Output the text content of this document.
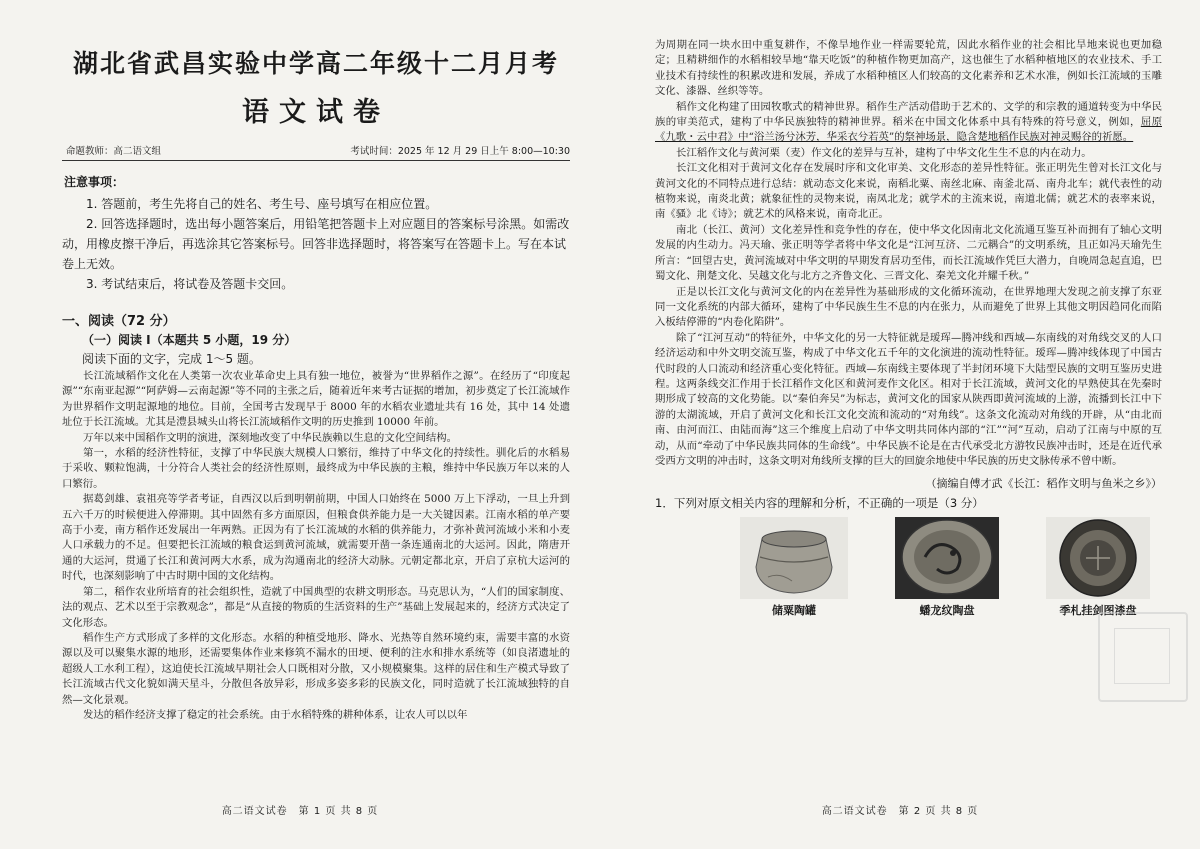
湖北省武昌实验中学高二年级十二月月考
语文试卷
命题教师：高二语文组	考试时间：2025 年 12 月 29 日上午 8:00—10:30
注意事项：

1. 答题前，考生先将自己的姓名、考生号、座号填写在相应位置。

2. 回答选择题时，选出每小题答案后，用铅笔把答题卡上对应题目的答案标号涂黑。如需改动，用橡皮擦干净后，再选涂其它答案标号。回答非选择题时，将答案写在答题卡上。写在本试卷上无效。

3. 考试结束后，将试卷及答题卡交回。

一、阅读（72 分）
（一）阅读 I（本题共 5 小题，19 分）
阅读下面的文字，完成 1～5 题。

长江流域稻作文化在人类第一次农业革命史上具有独一地位，被誉为“世界稻作之源”。在经历了“印度起源”“东南亚起源”“阿萨姆—云南起源”等不同的主张之后，随着近年来考古证据的增加，初步奠定了长江流域作为世界稻作文明起源地的地位。目前，全国考古发现早于 8000 年的水稻农业遗址共有 16 处，其中 14 处遗址位于长江流域。尤其是澧县城头山将长江流域稻作文明的历史推到 10000 年前。

万年以来中国稻作文明的演进，深刻地改变了中华民族赖以生息的文化空间结构。

第一，水稻的经济性特征，支撑了中华民族大规模人口繁衍，维持了中华文化的持续性。驯化后的水稻易于采收、颗粒饱满，十分符合人类社会的经济性原则，最终成为中华民族的主粮，维持中华民族万年以来的人口繁衍。

据葛剑雄、袁祖亮等学者考证，自西汉以后到明朝前期，中国人口始终在 5000 万上下浮动，一旦上升到五六千万的时候便进入停滞期。其中固然有多方面原因，但粮食供养能力是一大关键因素。江南水稻的单产要高于小麦，南方稻作还发展出一年两熟。正因为有了长江流域的水稻的供养能力，才弥补黄河流域小米和小麦人口承载力的不足。但要把长江流域的粮食运到黄河流域，就需要开凿一条连通南北的大运河。因此，隋唐开通的大运河，贯通了长江和黄河两大水系，成为沟通南北的经济大动脉。元朝定都北京，开启了京杭大运河的时代，也深刻影响了中古时期中国的文化结构。

第二，稻作农业所培育的社会组织性，造就了中国典型的农耕文明形态。马克思认为，“人们的国家制度、法的观点、艺术以至于宗教观念”，都是“从直接的物质的生活资料的生产”基础上发展起来的，经济方式决定了文化形态。

稻作生产方式形成了多样的文化形态。水稻的种植受地形、降水、光热等自然环境约束，需要丰富的水资源以及可以聚集水源的地形，还需要集体作业来修筑不漏水的田埂、便利的注水和排水系统等（如良渚遗址的超级人工水利工程），这迫使长江流域早期社会人口既相对分散，又小规模聚集。这样的居住和生产模式导致了长江流域古代文化貌如满天星斗，分散但各放异彩，形成多姿多彩的民族文化，同时造就了长江流域独特的自然—文化景观。

发达的稻作经济支撑了稳定的社会系统。由于水稻特殊的耕种体系，让农人可以以年

高二语文试卷　第 1 页 共 8 页

为周期在同一块水田中重复耕作，不像旱地作业一样需要轮荒，因此水稻作业的社会相比旱地来说也更加稳定；且精耕细作的水稻相较旱地“靠天吃饭”的种植作物更加高产，这也催生了水稻种植地区的农业技术、手工业技术有持续性的积累改进和发展，养成了水稻种植区人们较高的文化素养和艺术水准，例如长江流域的玉雕文化、漆器、丝织等等。

稻作文化构建了田园牧歌式的精神世界。稻作生产活动借助于艺术的、文学的和宗教的通道转变为中华民族的审美范式，建构了中华民族独特的精神世界。稻米在中国文化体系中具有特殊的符号意义，例如，屈原《九歌・云中君》中“浴兰汤兮沐芳，华采衣兮若英”的祭神场景，隐含楚地稻作民族对神灵赐谷的祈愿。

长江稻作文化与黄河栗（麦）作文化的差异与互补，建构了中华文化生生不息的内在动力。

长江文化相对于黄河文化存在发展时序和文化审美、文化形态的差异性特征。张正明先生曾对长江文化与黄河文化的不同特点进行总结：就动态文化来说，南稻北粟、南丝北麻、南釜北鬲、南舟北车；就代表性的动植物来说，南炎北黄；就象征性的灵物来说，南凤北龙；就学术的主流来说，南道北儒；就艺术的表率来说，南《骚》北《诗》；就艺术的风格来说，南奇北正。

南北（长江、黄河）文化差异性和竞争性的存在，使中华文化因南北文化流通互鉴互补而拥有了轴心文明发展的内生动力。冯天瑜、张正明等学者将中华文化是“江河互济、二元耦合”的文明系统，且正如冯天瑜先生所言：“回望古史，黄河流域对中华文明的早期发育居功至伟，而长江流域作凭巨大潜力，自晚周急起直追，巴蜀文化、荆楚文化、吴越文化与北方之齐鲁文化、三晋文化、秦羌文化并耀千秋。”

正是以长江文化与黄河文化的内在差异性为基础形成的文化循环流动，在世界地理大发现之前支撑了东亚同一文化系统的内部大循环，建构了中华民族生生不息的内在张力，从而避免了世界上其他文明因趋同化而陷入板结停滞的“内卷化陷阱”。

除了“江河互动”的特征外，中华文化的另一大特征就是瑷珲—腾冲线和西域—东南线的对角线交叉的人口经济运动和中外文明交流互鉴，构成了中华文化五千年的文化演进的流动性特征。瑷珲—腾冲线体现了中国古代时段的人口流动和经济重心变化特征。西域—东南线主要体现了半封闭环境下大陆型民族的文明互鉴历史进程。这两条线交汇作用于长江稻作文化区和黄河麦作文化区。相对于长江流域，黄河文化的早熟使其在先秦时期形成了较高的文化势能。以“秦伯奔吴”为标志，黄河文化的国家从陕西即黄河流域的上游，流播到长江中下游的太湖流域，开启了黄河文化和长江文化交流和流动的“对角线”。这条文化流动对角线的开辟，从“由北而南、由河而江、由陆而海”这三个维度上启动了中华文明共同体内部的“江”“河”互动，启动了江南与中原的互动，从而“牵动了中华民族共同体的生命线”。中华民族不论是在古代承受北方游牧民族冲击时，还是在近代承受西方文明的冲击时，这条文明对角线所支撑的巨大的回旋余地使中华民族的历史文脉传承不曾中断。

（摘编自傅才武《长江：稻作文明与鱼米之乡》）
1．下列对原文相关内容的理解和分析，不正确的一项是（3 分）
储粟陶罐	蟠龙纹陶盘	季札挂剑图漆盘
高二语文试卷　第 2 页 共 8 页
